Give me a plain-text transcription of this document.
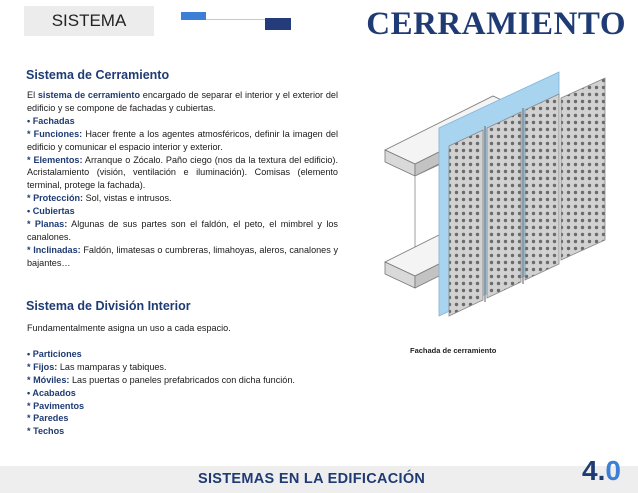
SISTEMA	CERRAMIENTO
Sistema de Cerramiento

El sistema de cerramiento encargado de separar el interior y el exterior del edificio y se compone de fachadas y cubiertas.

• Fachadas

* Funciones: Hacer frente a los agentes atmosféricos, definir la imagen del edificio y comunicar el espacio interior y exterior.

* Elementos: Arranque o Zócalo. Paño ciego (nos da la textura del edificio). Acristalamiento (visión, ventilación e iluminación). Comisas (elemento terminal, protege la fachada).

* Protección: Sol, vistas e intrusos.

• Cubiertas

* Planas: Algunas de sus partes son el faldón, el peto, el mimbrel y los canalones.

* Inclinadas: Faldón, limatesas o cumbreras, limahoyas, aleros, canalones y bajantes…

Sistema de División Interior

Fundamentalmente asigna un uso a cada espacio.

• Particiones

* Fijos: Las mamparas y tabiques.

* Móviles: Las puertas o paneles prefabricados con dicha función.

• Acabados

* Pavimentos

* Paredes

* Techos

Fachada de cerramiento
SISTEMAS EN LA EDIFICACIÓN	4.0
